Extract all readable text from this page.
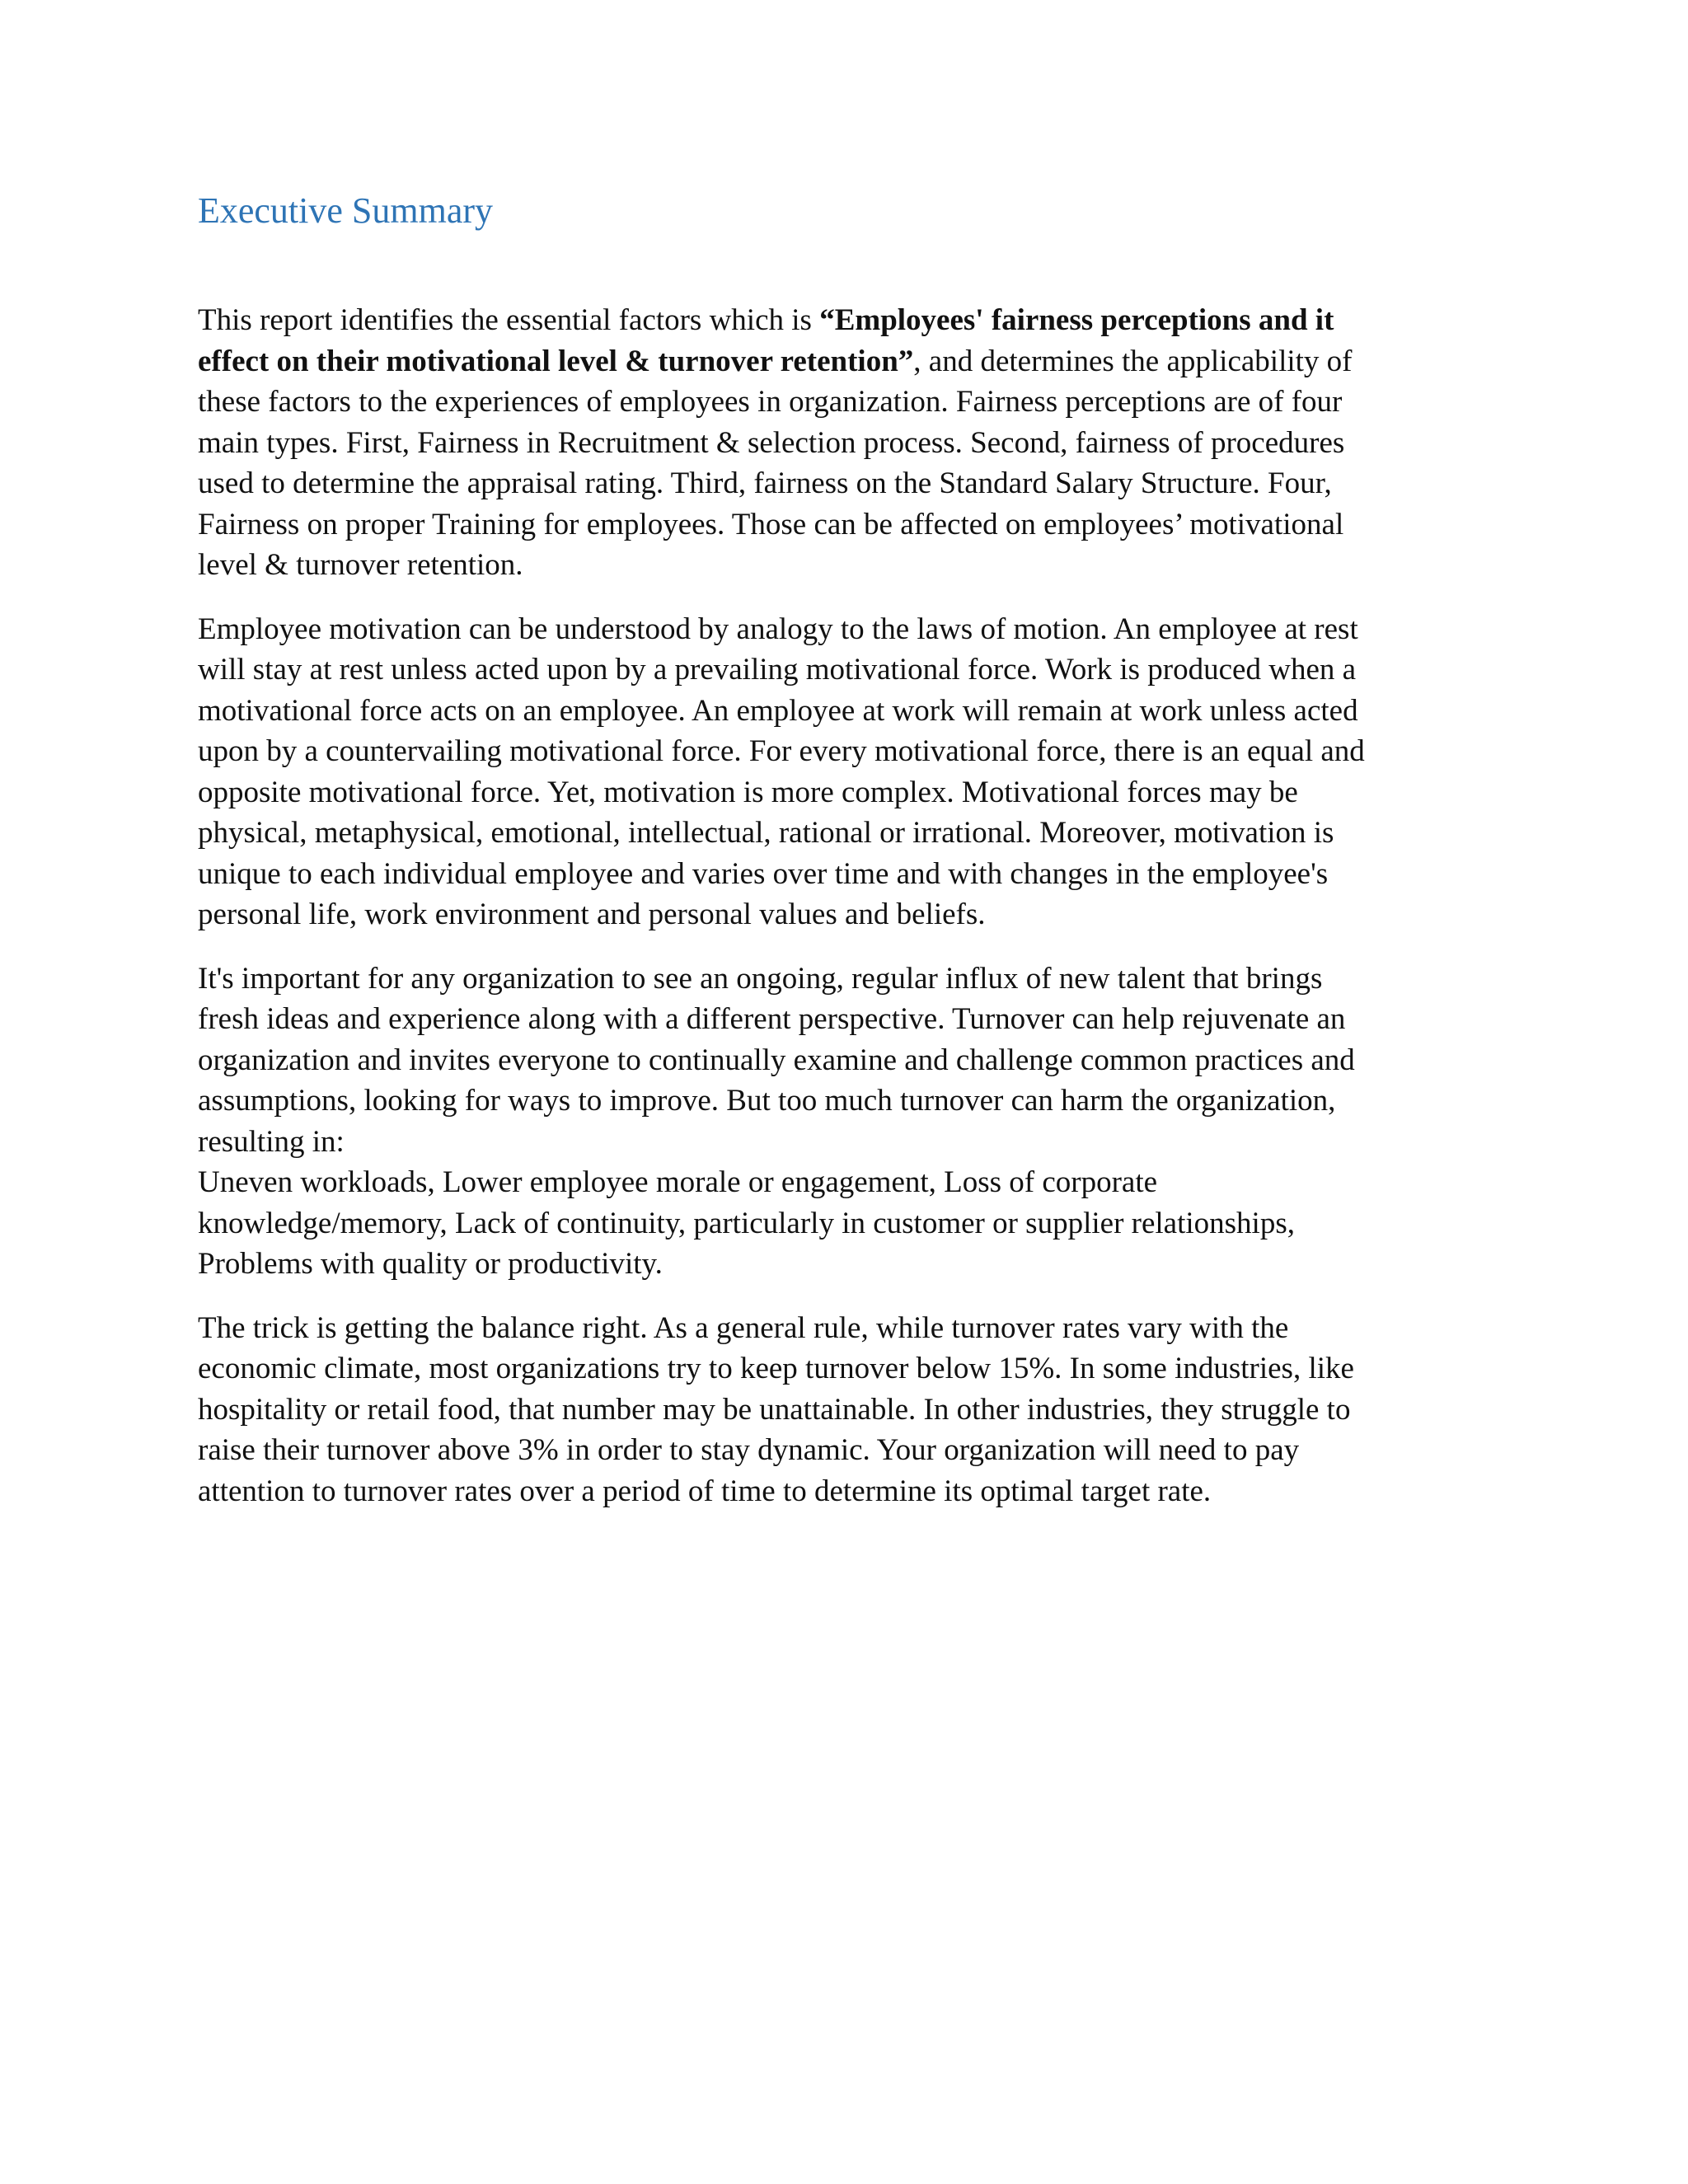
Executive Summary

This report identifies the essential factors which is “Employees' fairness perceptions and it
effect on their motivational level & turnover retention”, and determines the applicability of
these factors to the experiences of employees in organization. Fairness perceptions are of four
main types. First, Fairness in Recruitment & selection process. Second, fairness of procedures
used to determine the appraisal rating. Third, fairness on the Standard Salary Structure. Four,
Fairness on proper Training for employees. Those can be affected on employees’ motivational
level & turnover retention.

Employee motivation can be understood by analogy to the laws of motion. An employee at rest
will stay at rest unless acted upon by a prevailing motivational force. Work is produced when a
motivational force acts on an employee. An employee at work will remain at work unless acted
upon by a countervailing motivational force. For every motivational force, there is an equal and
opposite motivational force. Yet, motivation is more complex. Motivational forces may be
physical, metaphysical, emotional, intellectual, rational or irrational. Moreover, motivation is
unique to each individual employee and varies over time and with changes in the employee's
personal life, work environment and personal values and beliefs.

It's important for any organization to see an ongoing, regular influx of new talent that brings
fresh ideas and experience along with a different perspective. Turnover can help rejuvenate an
organization and invites everyone to continually examine and challenge common practices and
assumptions, looking for ways to improve. But too much turnover can harm the organization,
resulting in:
Uneven workloads, Lower employee morale or engagement, Loss of corporate
knowledge/memory, Lack of continuity, particularly in customer or supplier relationships,
Problems with quality or productivity.

The trick is getting the balance right. As a general rule, while turnover rates vary with the
economic climate, most organizations try to keep turnover below 15%. In some industries, like
hospitality or retail food, that number may be unattainable. In other industries, they struggle to
raise their turnover above 3% in order to stay dynamic. Your organization will need to pay
attention to turnover rates over a period of time to determine its optimal target rate.
